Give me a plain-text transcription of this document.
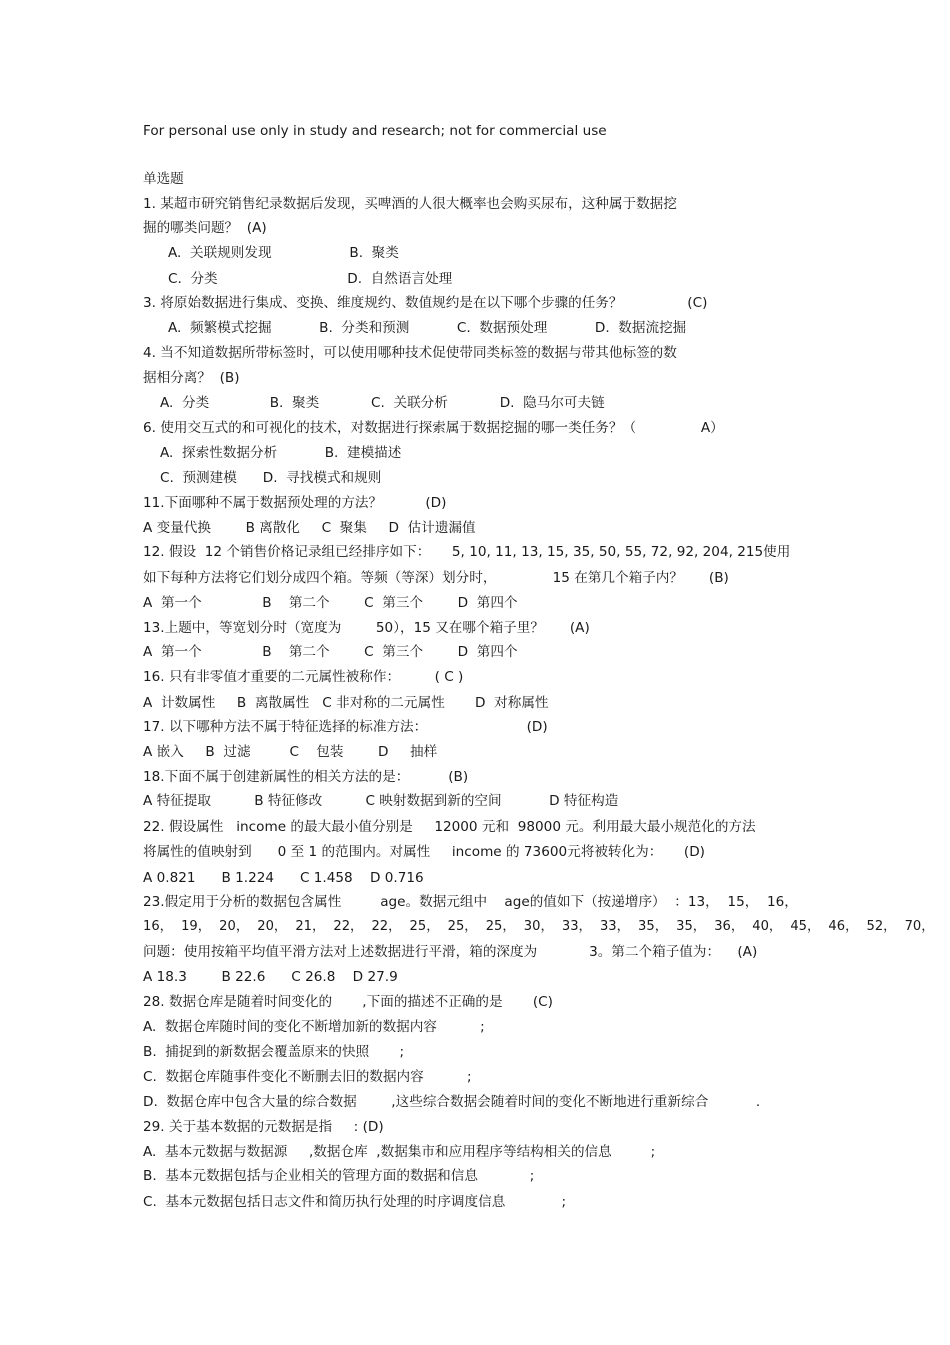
For personal use only in study and research; not for commercial use
单选题
1. 某超市研究销售纪录数据后发现，买啤酒的人很大概率也会购买尿布，这种属于数据挖
掘的哪类问题？  (A)
A.  关联规则发现                  B.  聚类
C.  分类                              D.  自然语言处理
3. 将原始数据进行集成、变换、维度规约、数值规约是在以下哪个步骤的任务？               (C)
A.  频繁模式挖掘           B.  分类和预测           C.  数据预处理           D.  数据流挖掘
4. 当不知道数据所带标签时，可以使用哪种技术促使带同类标签的数据与带其他标签的数
据相分离？  (B)
A.  分类              B.  聚类            C.  关联分析            D.  隐马尔可夫链
6. 使用交互式的和可视化的技术，对数据进行探索属于数据挖掘的哪一类任务？（               A）
A.  探索性数据分析           B.  建模描述
C.  预测建模      D.  寻找模式和规则
11.下面哪种不属于数据预处理的方法？          (D)
A 变量代换        B 离散化     C  聚集     D  估计遗漏值
12. 假设  12 个销售价格记录组已经排序如下：     5, 10, 11, 13, 15, 35, 50, 55, 72, 92, 204, 215使用
如下每种方法将它们划分成四个箱。等频（等深）划分时，             15 在第几个箱子内？      (B)
A  第一个              B    第二个        C  第三个        D  第四个
13.上题中，等宽划分时（宽度为        50），15 又在哪个箱子里？      (A)
A  第一个              B    第二个        C  第三个        D  第四个
16. 只有非零值才重要的二元属性被称作：        ( C )
A  计数属性     B  离散属性   C 非对称的二元属性       D  对称属性
17. 以下哪种方法不属于特征选择的标准方法：                       (D)
A 嵌入     B  过滤         C    包装        D     抽样
18.下面不属于创建新属性的相关方法的是：         (B)
A 特征提取          B 特征修改          C 映射数据到新的空间           D 特征构造
22. 假设属性   income 的最大最小值分别是     12000 元和  98000 元。利用最大最小规范化的方法
将属性的值映射到      0 至 1 的范围内。对属性     income 的 73600元将被转化为：     (D)
A 0.821      B 1.224      C 1.458    D 0.716
23.假定用于分析的数据包含属性         age。数据元组中    age的值如下（按递增序）  ：13，  15，  16，
16，  19，  20，  20，  21，  22，  22，  25，  25，  25，  30，  33，  33，  35，  35，  36，  40，  45，  46，  52，  70，
问题：使用按箱平均值平滑方法对上述数据进行平滑，箱的深度为            3。第二个箱子值为：    (A)
A 18.3        B 22.6      C 26.8    D 27.9
28. 数据仓库是随着时间变化的       ,下面的描述不正确的是       (C)
A.  数据仓库随时间的变化不断增加新的数据内容          ;
B.  捕捉到的新数据会覆盖原来的快照       ;
C.  数据仓库随事件变化不断删去旧的数据内容          ;
D.  数据仓库中包含大量的综合数据        ,这些综合数据会随着时间的变化不断地进行重新综合           .
29. 关于基本数据的元数据是指     : (D)
A.  基本元数据与数据源     ,数据仓库  ,数据集市和应用程序等结构相关的信息         ;
B.  基本元数据包括与企业相关的管理方面的数据和信息            ;
C.  基本元数据包括日志文件和简历执行处理的时序调度信息             ;
